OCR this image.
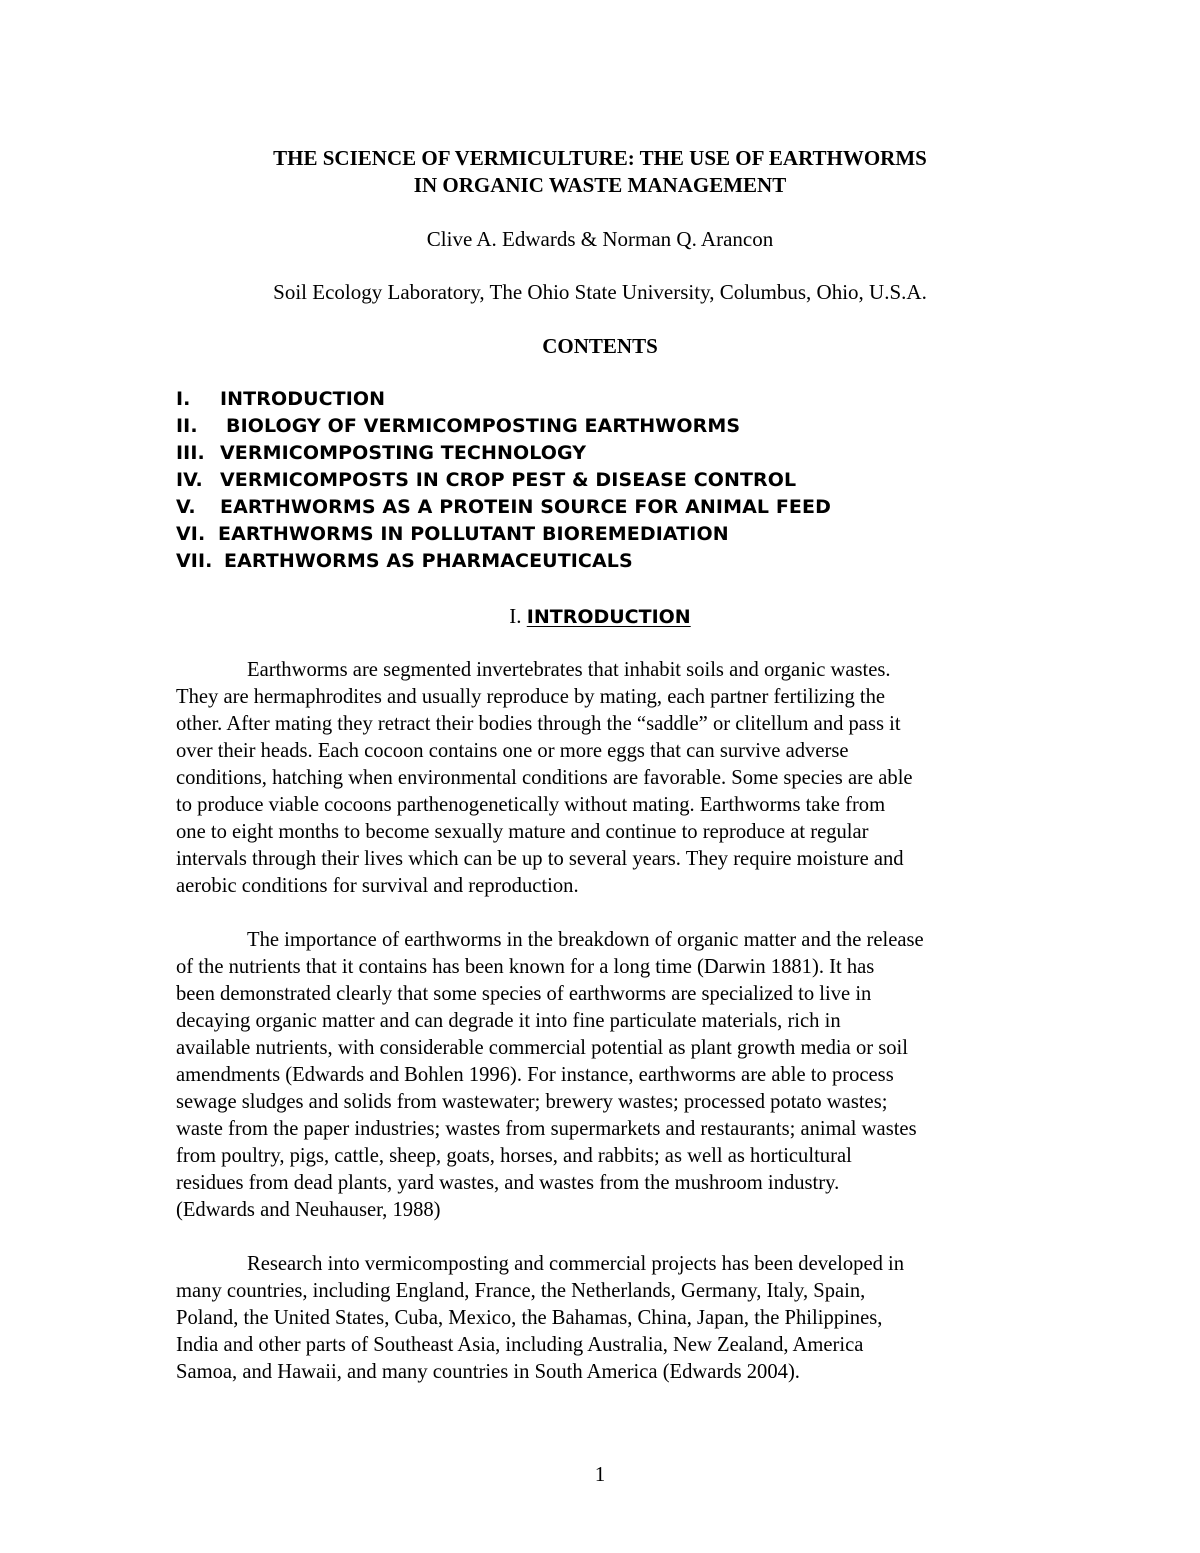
THE SCIENCE OF VERMICULTURE: THE USE OF EARTHWORMS
IN ORGANIC WASTE MANAGEMENT
Clive A. Edwards & Norman Q. Arancon
Soil Ecology Laboratory, The Ohio State University, Columbus, Ohio, U.S.A.
CONTENTS
I. INTRODUCTION
II. BIOLOGY OF VERMICOMPOSTING EARTHWORMS
III. VERMICOMPOSTING TECHNOLOGY
IV. VERMICOMPOSTS IN CROP PEST & DISEASE CONTROL
V. EARTHWORMS AS A PROTEIN SOURCE FOR ANIMAL FEED
VI. EARTHWORMS IN POLLUTANT BIOREMEDIATION
VII. EARTHWORMS AS PHARMACEUTICALS
I. INTRODUCTION
Earthworms are segmented invertebrates that inhabit soils and organic wastes.
They are hermaphrodites and usually reproduce by mating, each partner fertilizing the
other. After mating they retract their bodies through the “saddle” or clitellum and pass it
over their heads. Each cocoon contains one or more eggs that can survive adverse
conditions, hatching when environmental conditions are favorable. Some species are able
to produce viable cocoons parthenogenetically without mating. Earthworms take from
one to eight months to become sexually mature and continue to reproduce at regular
intervals through their lives which can be up to several years. They require moisture and
aerobic conditions for survival and reproduction.
The importance of earthworms in the breakdown of organic matter and the release
of the nutrients that it contains has been known for a long time (Darwin 1881). It has
been demonstrated clearly that some species of earthworms are specialized to live in
decaying organic matter and can degrade it into fine particulate materials, rich in
available nutrients, with considerable commercial potential as plant growth media or soil
amendments (Edwards and Bohlen 1996). For instance, earthworms are able to process
sewage sludges and solids from wastewater; brewery wastes; processed potato wastes;
waste from the paper industries; wastes from supermarkets and restaurants; animal wastes
from poultry, pigs, cattle, sheep, goats, horses, and rabbits; as well as horticultural
residues from dead plants, yard wastes, and wastes from the mushroom industry.
(Edwards and Neuhauser, 1988)
Research into vermicomposting and commercial projects has been developed in
many countries, including England, France, the Netherlands, Germany, Italy, Spain,
Poland, the United States, Cuba, Mexico, the Bahamas, China, Japan, the Philippines,
India and other parts of Southeast Asia, including Australia, New Zealand, America
Samoa, and Hawaii, and many countries in South America (Edwards 2004).
1
